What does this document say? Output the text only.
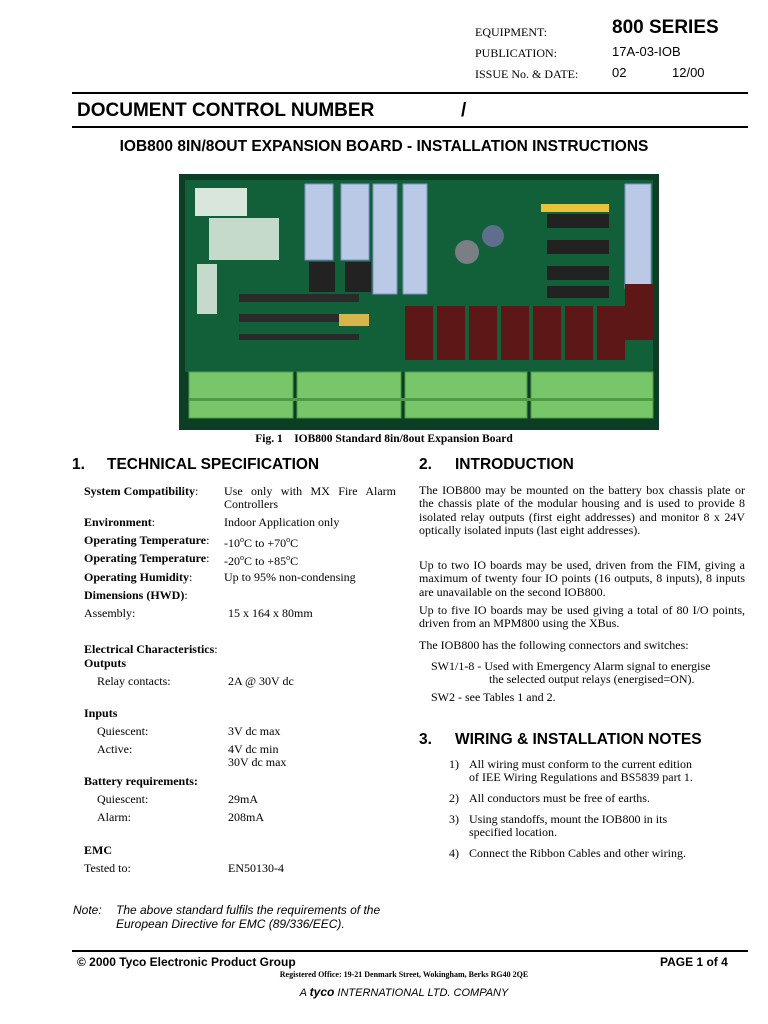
EQUIPMENT:	800 SERIES
PUBLICATION:	17A-03-IOB
ISSUE No. & DATE:	02	12/00
DOCUMENT CONTROL NUMBER	/
IOB800 8IN/8OUT EXPANSION BOARD - INSTALLATION INSTRUCTIONS
Fig. 1    IOB800 Standard 8in/8out Expansion Board
1. TECHNICAL SPECIFICATION
System Compatibility: Use only with MX Fire Alarm
Controllers
Environment:	Indoor Application only
Operating Temperature: -10$^o$C to $+70^oC$
Operating Temperature: -20$^o$C to $+85^oC$
Operating Humidity:	Up to 95% non-condensing
Dimensions (HWD):
Assembly:	15 x 164 x 80mm
Electrical Characteristics:
Outputs
Relay contacts:	2A @ 30V dc
Inputs
Quiescent:	3V dc max
Active:	4V dc min
30V dc max
Battery requirements:
Quiescent:	29mA
Alarm:	208mA
EMC
Tested to:	EN50130-4
Note: The above standard fulfils the requirements of the
European Directive for EMC (89/336/EEC).
2. INTRODUCTION
The IOB800 may be mounted on the battery box chassis plate or the chassis plate of the modular housing and is used to provide 8 isolated relay outputs (first eight addresses) and monitor 8 x 24V optically isolated inputs (last eight addresses).
Up to two IO boards may be used, driven from the FIM, giving a maximum of twenty four IO points (16 outputs, 8 inputs), 8 inputs are unavailable on the second IOB800.
Up to five IO boards may be used giving a total of 80 I/O points, driven from an MPM800 using the XBus.
The IOB800 has the following connectors and switches:
SW1/1-8 - Used with Emergency Alarm signal to energise
the selected output relays (energised=ON).
SW2 - see Tables 1 and 2.
3. WIRING & INSTALLATION NOTES
1) All wiring must conform to the current edition
of IEE Wiring Regulations and BS5839 part 1.
2) All conductors must be free of earths.
3) Using standoffs, mount the IOB800 in its
specified location.
4) Connect the Ribbon Cables and other wiring.
© 2000 Tyco Electronic Product Group	PAGE 1 of 4
Registered Office: 19-21 Denmark Street, Wokingham, Berks RG40 2QE
A tyco INTERNATIONAL LTD. COMPANY
